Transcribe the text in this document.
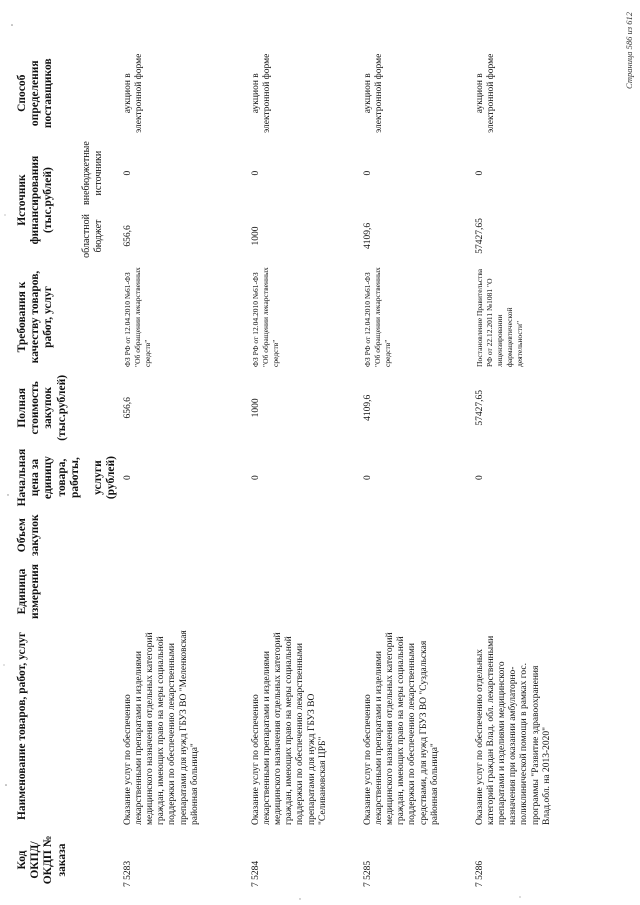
Код ОКПД/ ОКДП № заказа	Наименование товаров, работ, услуг	Единица измерения	Объем закупок	Начальная цена за единицу товара, работы, услуги (рублей)	Полная стоимость закупок (тыс.рублей)	Требования к качеству товаров, работ, услуг	Источник финансирования (тыс.рублей)		Способ определения поставщиков
							областной бюджет	внебюджетные источники	
7 5283	Оказание услуг по обеспечению лекарственными препаратами и изделиями медицинского назначения отдельных категорий граждан, имеющих право на меры социальной поддержки по обеспечению лекарственными препаратами для нужд ГБУЗ ВО "Меленковская районная больница"			0	656,6	ФЗ РФ от 12.04.2010 №61-ФЗ "Об обращении лекарственных средств"	656,6	0	аукцион в электронной форме
7 5284	Оказание услуг по обеспечению лекарственными препаратами и изделиями медицинского назначения отдельных категорий граждан, имеющих право на меры социальной поддержки по обеспечению лекарственными препаратами для нужд ГБУЗ ВО "Селивановская ЦРБ"			0	1000	ФЗ РФ от 12.04.2010 №61-ФЗ "Об обращении лекарственных средств"	1000	0	аукцион в электронной форме
7 5285	Оказание услуг по обеспечению лекарственными препаратами и изделиями медицинского назначения отдельных категорий граждан, имеющих право на меры социальной поддержки по обеспечению лекарственными средствами, для нужд ГБУЗ ВО "Суздальская районная больница"			0	4109,6	ФЗ РФ от 12.04.2010 №61-ФЗ "Об обращении лекарственных средств"	4109,6	0	аукцион в электронной форме
7 5286	Оказание услуг по обеспечению отдельных категорий граждан Влад. обл. лекарственными препаратами и изделиями медицинского назначения при оказании амбулаторно-поликлинической помощи в рамках гос. программы "Развитие здравоохранения Влад.обл. на 2013-2020"			0	57427,65	Постановление Правительства РФ от 22.12.2011 №1081 "О лицензировании фармацевтической деятельности"	57427,65	0	аукцион в электронной форме
Страница 586 из 612
